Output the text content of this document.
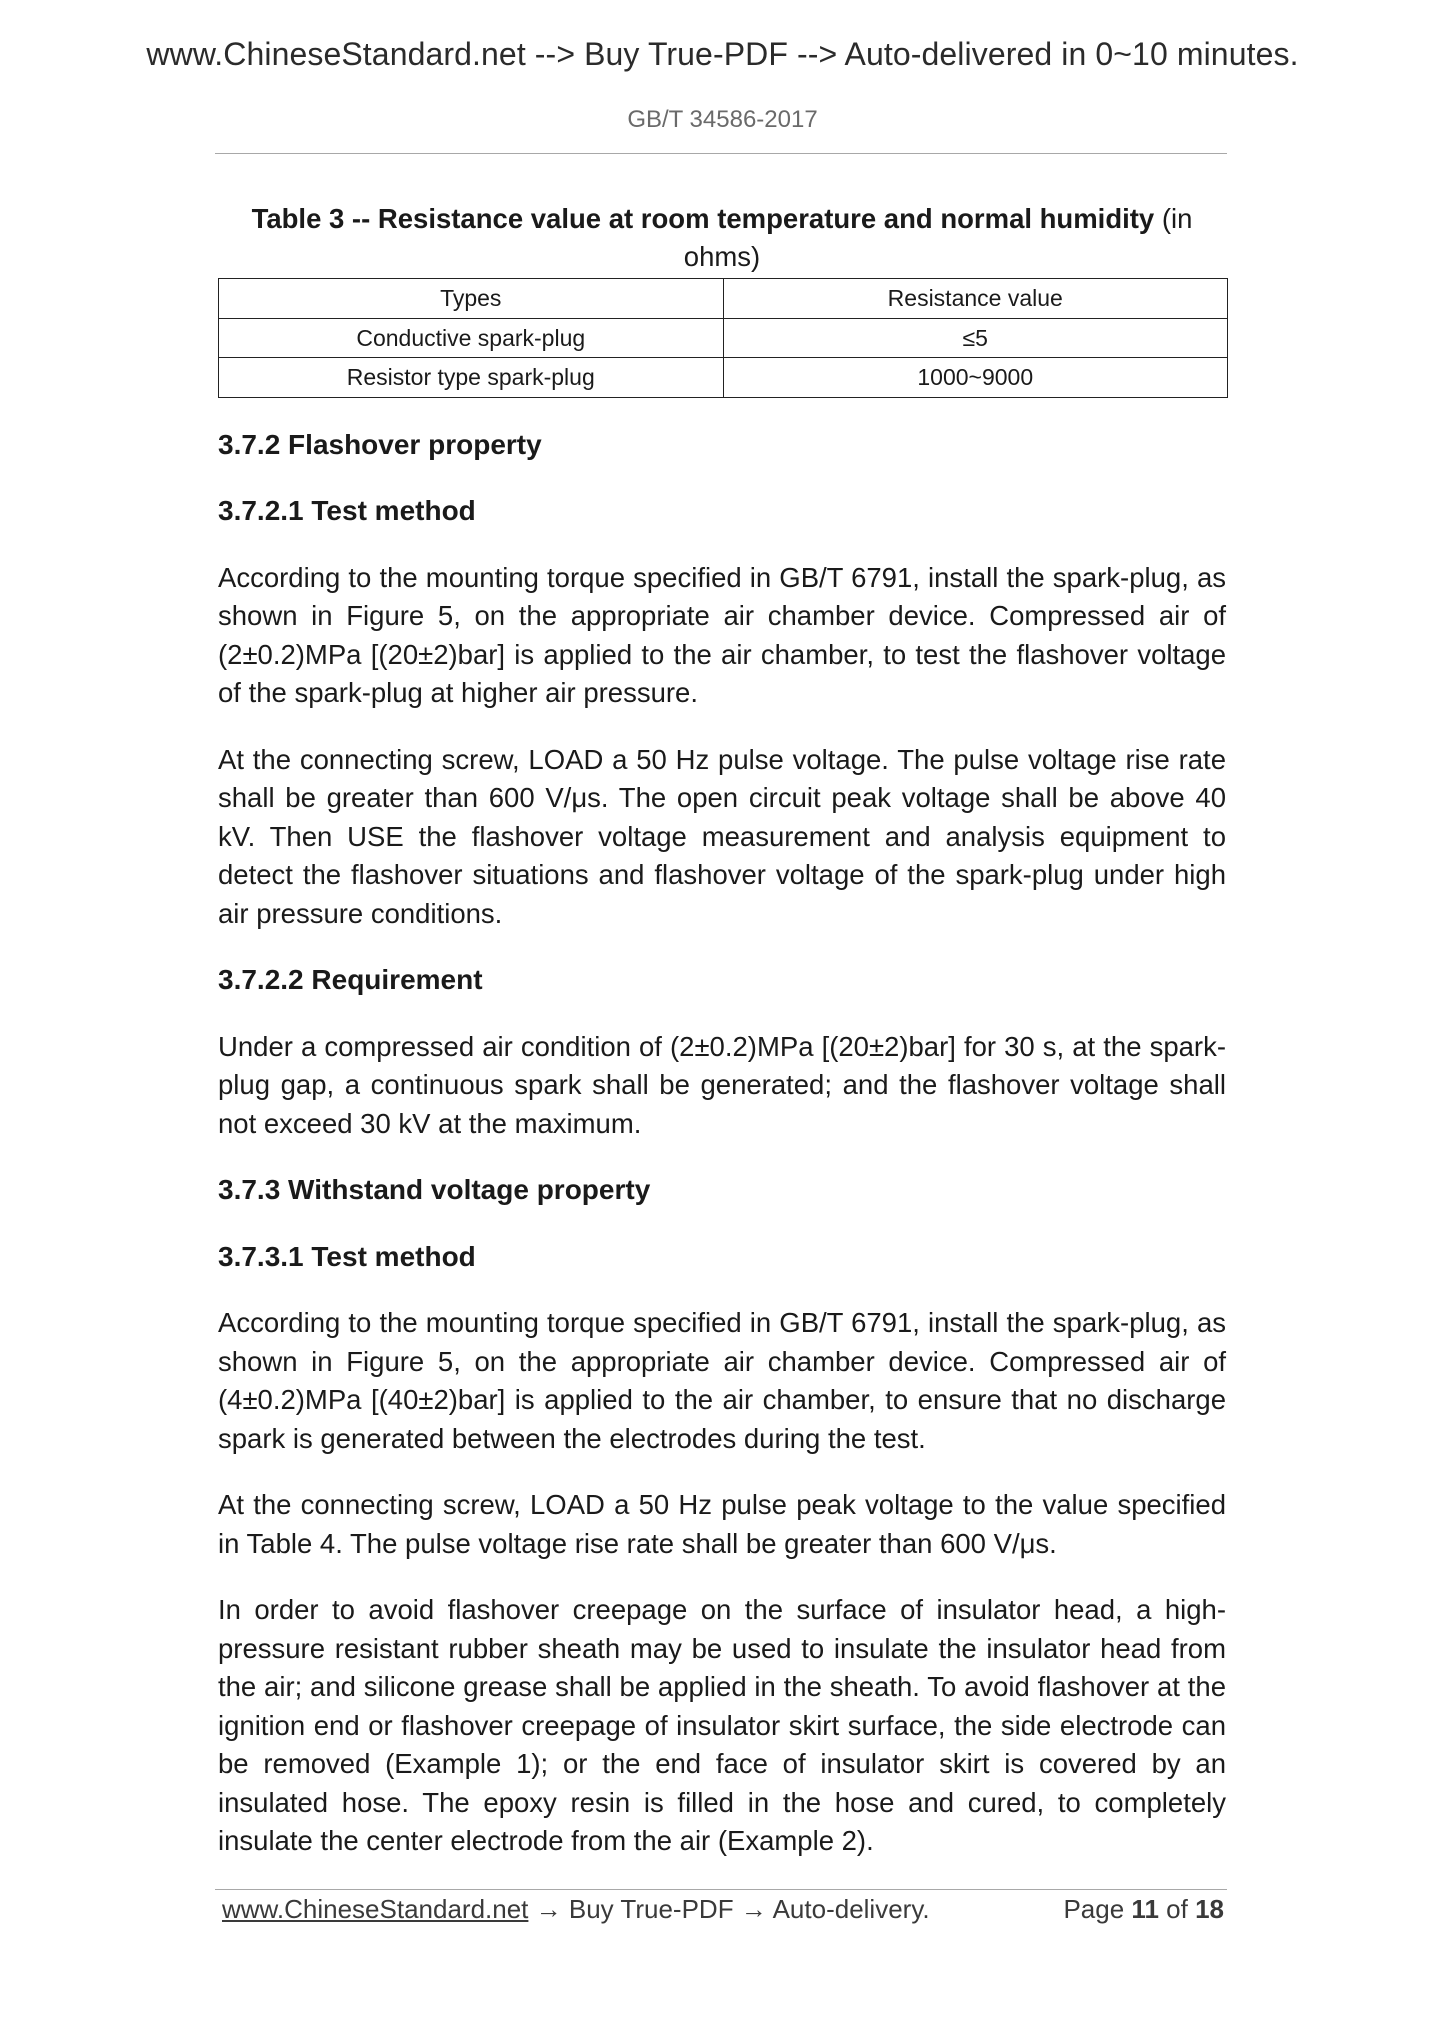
www.ChineseStandard.net --> Buy True-PDF --> Auto-delivered in 0~10 minutes.
GB/T 34586-2017
Table 3 -- Resistance value at room temperature and normal humidity (in ohms)
Types	Resistance value
Conductive spark-plug	≤5
Resistor type spark-plug	1000~9000
3.7.2 Flashover property
3.7.2.1 Test method

According to the mounting torque specified in GB/T 6791, install the spark-plug, as shown in Figure 5, on the appropriate air chamber device. Compressed air of (2±0.2)MPa [(20±2)bar] is applied to the air chamber, to test the flashover voltage of the spark-plug at higher air pressure.

At the connecting screw, LOAD a 50 Hz pulse voltage. The pulse voltage rise rate shall be greater than 600 V/μs. The open circuit peak voltage shall be above 40 kV. Then USE the flashover voltage measurement and analysis equipment to detect the flashover situations and flashover voltage of the spark-plug under high air pressure conditions.

3.7.2.2 Requirement

Under a compressed air condition of (2±0.2)MPa [(20±2)bar] for 30 s, at the spark-plug gap, a continuous spark shall be generated; and the flashover voltage shall not exceed 30 kV at the maximum.

3.7.3 Withstand voltage property
3.7.3.1 Test method

According to the mounting torque specified in GB/T 6791, install the spark-plug, as shown in Figure 5, on the appropriate air chamber device. Compressed air of (4±0.2)MPa [(40±2)bar] is applied to the air chamber, to ensure that no discharge spark is generated between the electrodes during the test.

At the connecting screw, LOAD a 50 Hz pulse peak voltage to the value specified in Table 4. The pulse voltage rise rate shall be greater than 600 V/μs.

In order to avoid flashover creepage on the surface of insulator head, a high-pressure resistant rubber sheath may be used to insulate the insulator head from the air; and silicone grease shall be applied in the sheath. To avoid flashover at the ignition end or flashover creepage of insulator skirt surface, the side electrode can be removed (Example 1); or the end face of insulator skirt is covered by an insulated hose. The epoxy resin is filled in the hose and cured, to completely insulate the center electrode from the air (Example 2).

www.ChineseStandard.net → Buy True-PDF → Auto-delivery.	Page 11 of 18
